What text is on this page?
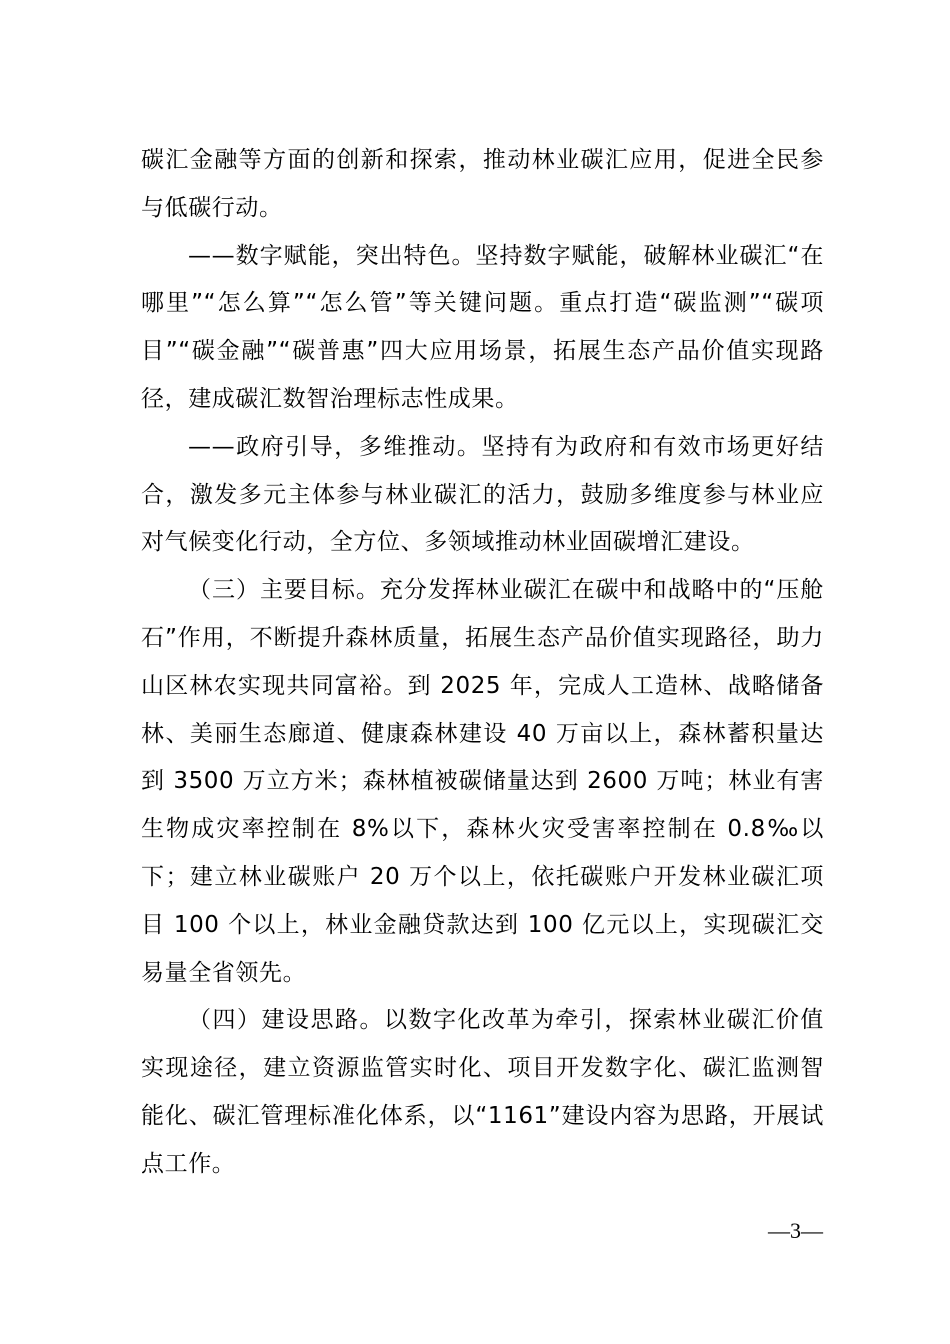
碳汇金融等方面的创新和探索，推动林业碳汇应用，促进全民参与低碳行动。

——数字赋能，突出特色。坚持数字赋能，破解林业碳汇“在哪里”“怎么算”“怎么管”等关键问题。重点打造“碳监测”“碳项目”“碳金融”“碳普惠”四大应用场景，拓展生态产品价值实现路径，建成碳汇数智治理标志性成果。

——政府引导，多维推动。坚持有为政府和有效市场更好结合，激发多元主体参与林业碳汇的活力，鼓励多维度参与林业应对气候变化行动，全方位、多领域推动林业固碳增汇建设。

（三）主要目标。充分发挥林业碳汇在碳中和战略中的“压舱石”作用，不断提升森林质量，拓展生态产品价值实现路径，助力山区林农实现共同富裕。到 2025 年，完成人工造林、战略储备林、美丽生态廊道、健康森林建设 40 万亩以上，森林蓄积量达到 3500 万立方米；森林植被碳储量达到 2600 万吨；林业有害生物成灾率控制在 8%以下，森林火灾受害率控制在 0.8‰以下；建立林业碳账户 20 万个以上，依托碳账户开发林业碳汇项目 100 个以上，林业金融贷款达到 100 亿元以上，实现碳汇交易量全省领先。

（四）建设思路。以数字化改革为牵引，探索林业碳汇价值实现途径，建立资源监管实时化、项目开发数字化、碳汇监测智能化、碳汇管理标准化体系，以“1161”建设内容为思路，开展试点工作。

—3—
